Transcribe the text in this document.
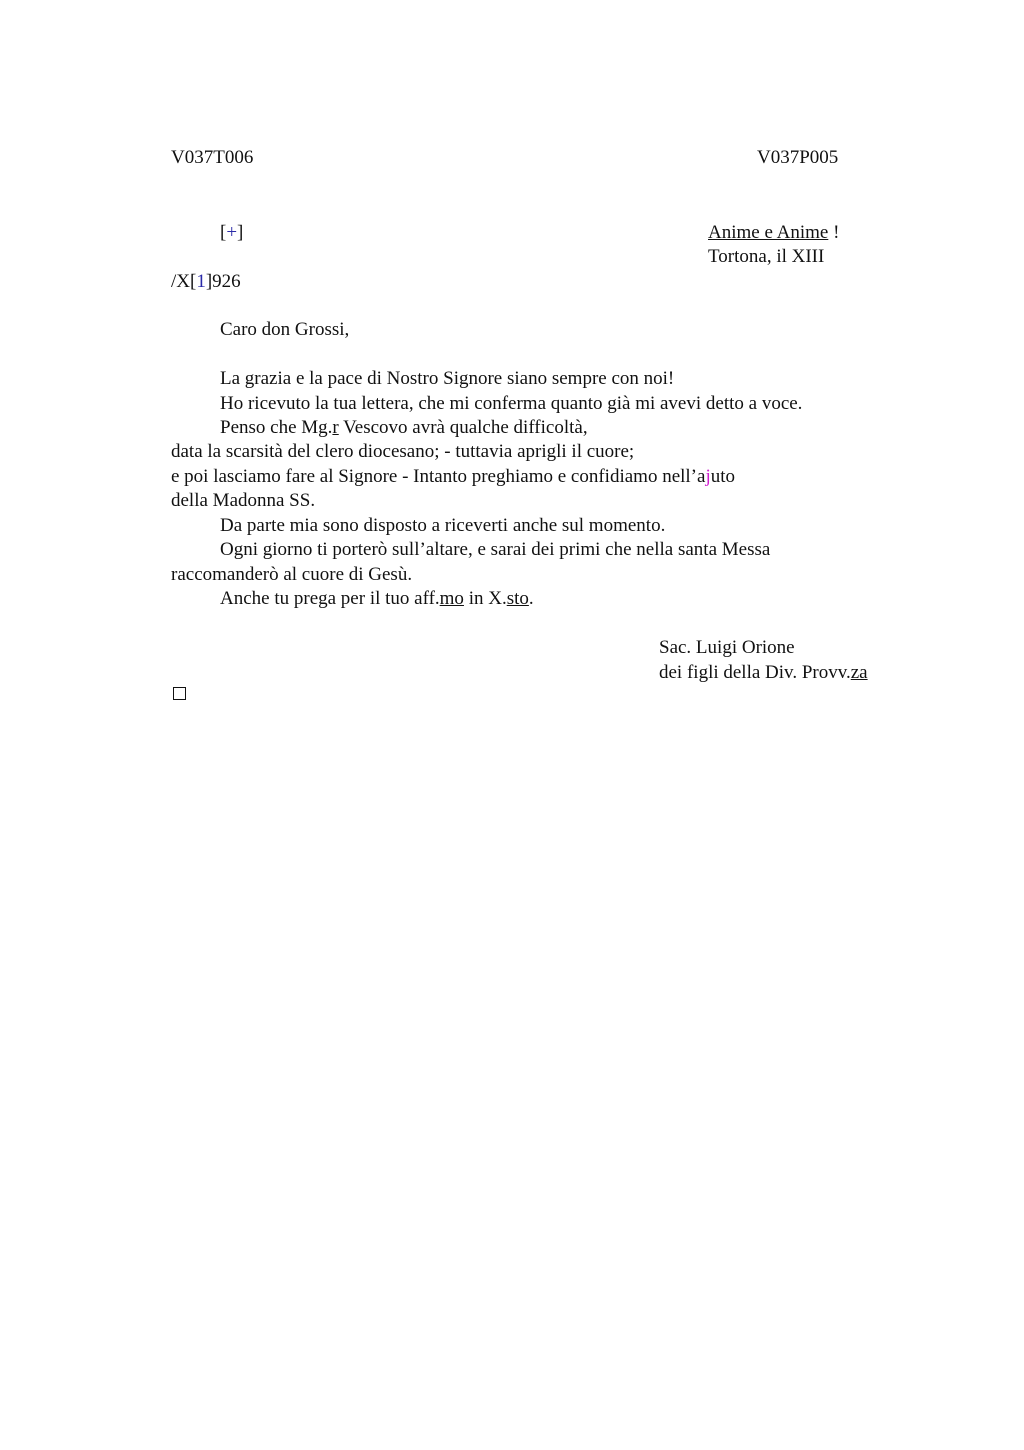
V037T006	V037P005
[+]	Anime e Anime !
Tortona, il XIII
/X[1]926
Caro don Grossi,
La grazia e la pace di Nostro Signore siano sempre con noi!
Ho ricevuto la tua lettera, che mi conferma quanto già mi avevi detto a voce.
Penso che Mg.r Vescovo avrà qualche difficoltà,
data la scarsità del clero diocesano; - tuttavia aprigli il cuore;
e poi lasciamo fare al Signore - Intanto preghiamo e confidiamo nell’ajuto
della Madonna SS.
Da parte mia sono disposto a riceverti anche sul momento.
Ogni giorno ti porterò sull’altare, e sarai dei primi che nella santa Messa
raccomanderò al cuore di Gesù.
Anche tu prega per il tuo aff.mo in X.sto.
Sac. Luigi Orione
dei figli della Div. Provv.za
